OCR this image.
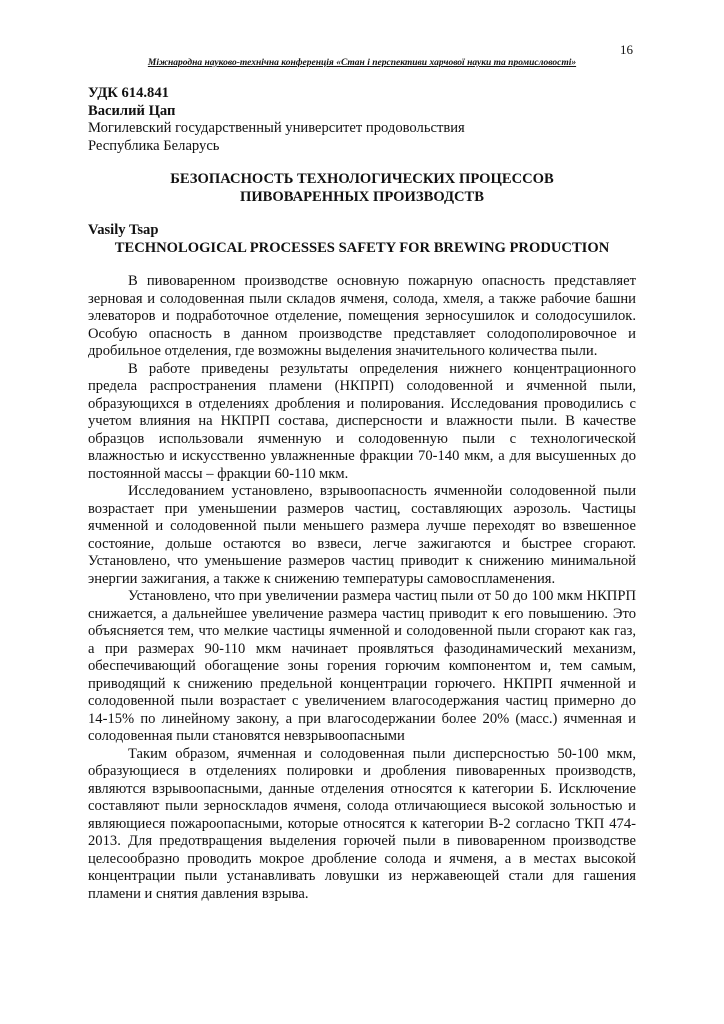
16
Міжнародна науково-технічна конференція «Стан і перспективи харчової науки та промисловості»
УДК 614.841
Василий Цап
Могилевский государственный университет продовольствия
Республика Беларусь
БЕЗОПАСНОСТЬ ТЕХНОЛОГИЧЕСКИХ ПРОЦЕССОВ
ПИВОВАРЕННЫХ ПРОИЗВОДСТВ
Vasily Tsap
TECHNOLOGICAL PROCESSES SAFETY FOR BREWING PRODUCTION

В пивоваренном производстве основную пожарную опасность представляет зерновая и солодовенная пыли складов ячменя, солода, хмеля, а также рабочие башни элеваторов и подработочное отделение, помещения зерносушилок и солодосушилок. Особую опасность в данном производстве представляет солодополировочное и дробильное отделения, где возможны выделения значительного количества пыли.

В работе приведены результаты определения нижнего концентрационного предела распространения пламени (НКПРП) солодовенной и ячменной пыли, образующихся в отделениях дробления и полирования. Исследования проводились с учетом влияния на НКПРП состава, дисперсности и влажности пыли. В качестве образцов использовали ячменную и солодовенную пыли с технологической влажностью и искусственно увлажненные фракции 70-140 мкм, а для высушенных до постоянной массы – фракции 60-110 мкм.

Исследованием установлено, взрывоопасность ячменнойи солодовенной пыли возрастает при уменьшении размеров частиц, составляющих аэрозоль. Частицы ячменной и солодовенной пыли меньшего размера лучше переходят во взвешенное состояние, дольше остаются во взвеси, легче зажигаются и быстрее сгорают. Установлено, что уменьшение размеров частиц приводит к снижению минимальной энергии зажигания, а также к снижению температуры самовоспламенения.

Установлено, что при увеличении размера частиц пыли от 50 до 100 мкм НКПРП снижается, а дальнейшее увеличение размера частиц приводит к его повышению. Это объясняется тем, что мелкие частицы ячменной и солодовенной пыли сгорают как газ, а при размерах 90-110 мкм начинает проявляться фазодинамический механизм, обеспечивающий обогащение зоны горения горючим компонентом и, тем самым, приводящий к снижению предельной концентрации горючего. НКПРП ячменной и солодовенной пыли возрастает с увеличением влагосодержания частиц примерно до 14-15% по линейному закону, а при влагосодержании более 20% (масс.) ячменная и солодовенная пыли становятся невзрывоопасными

Таким образом, ячменная и солодовенная пыли дисперсностью 50-100 мкм, образующиеся в отделениях полировки и дробления пивоваренных производств, являются взрывоопасными, данные отделения относятся к категории Б. Исключение составляют пыли зерноскладов ячменя, солода отличающиеся высокой зольностью и являющиеся пожароопасными, которые относятся к категории В-2 согласно ТКП 474-2013. Для предотвращения выделения горючей пыли в пивоваренном производстве целесообразно проводить мокрое дробление солода и ячменя, а в местах высокой концентрации пыли устанавливать ловушки из нержавеющей стали для гашения пламени и снятия давления взрыва.
